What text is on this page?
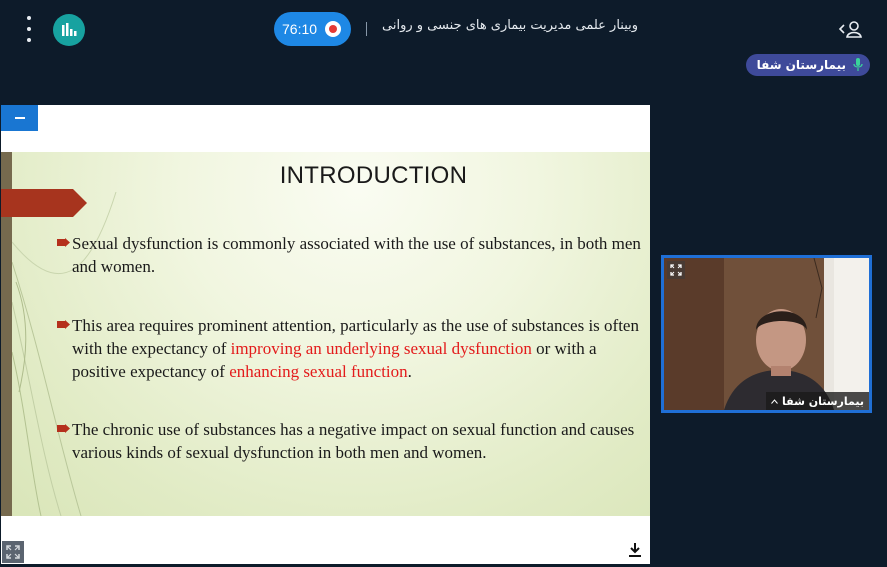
76:10	وبینار علمی مدیریت بیماری های جنسی و روانی
بیمارستان شفا
INTRODUCTION
Sexual dysfunction is commonly associated with the use of substances, in both men and women.
This area requires prominent attention, particularly as the use of substances is often with the expectancy of improving an underlying sexual dysfunction or with a positive expectancy of enhancing sexual function.
The chronic use of substances has a negative impact on sexual function and causes various kinds of sexual dysfunction in both men and women.
بیمارستان شفا
